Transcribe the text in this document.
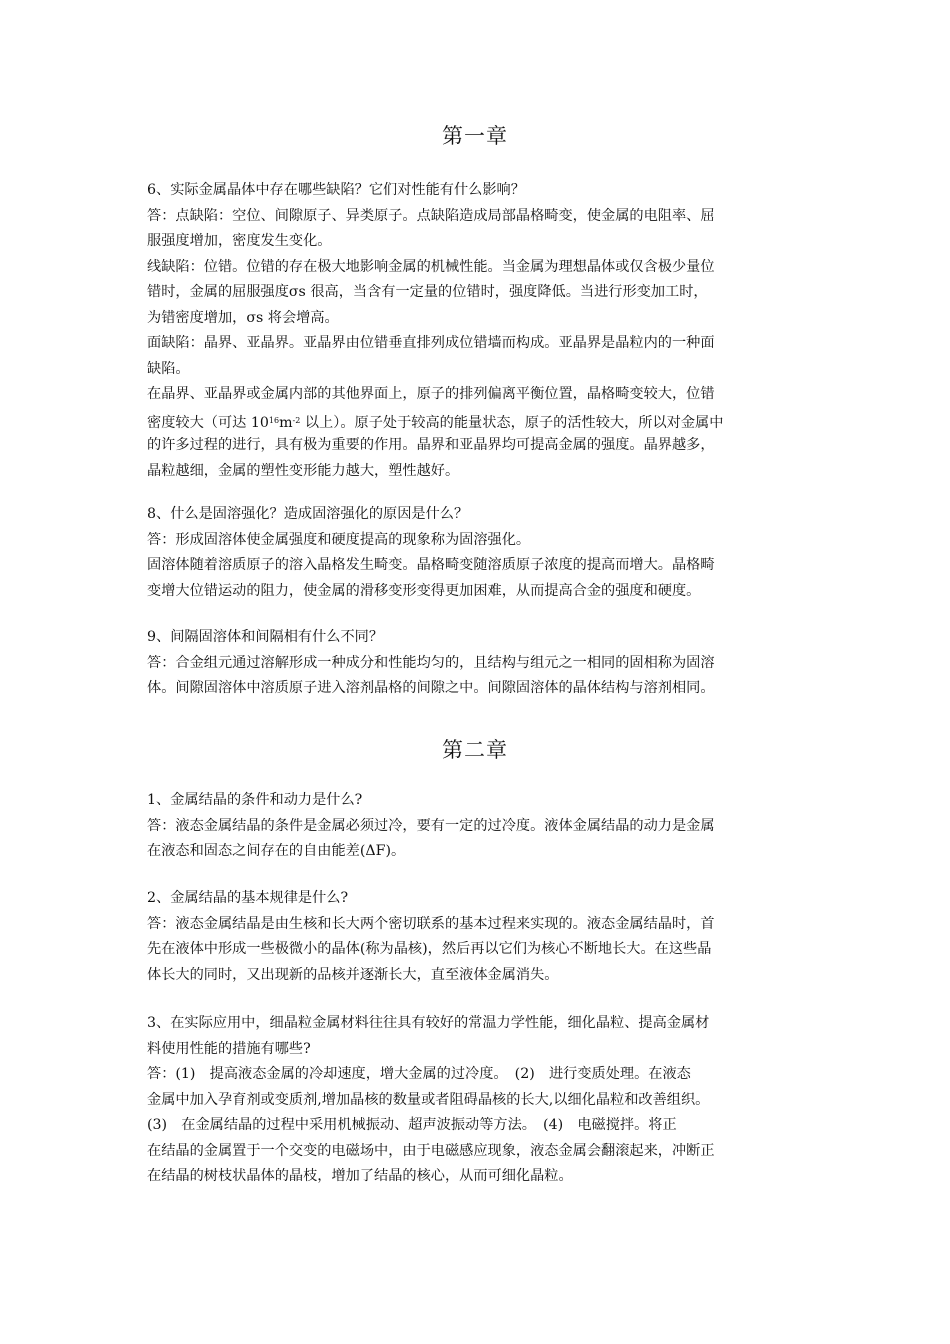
第一章
6、实际金属晶体中存在哪些缺陷？它们对性能有什么影响？
答：点缺陷：空位、间隙原子、异类原子。点缺陷造成局部晶格畸变，使金属的电阻率、屈
服强度增加，密度发生变化。
线缺陷：位错。位错的存在极大地影响金属的机械性能。当金属为理想晶体或仅含极少量位
错时，金属的屈服强度σs 很高，当含有一定量的位错时，强度降低。当进行形变加工时，
为错密度增加，σs 将会增高。
面缺陷：晶界、亚晶界。亚晶界由位错垂直排列成位错墙而构成。亚晶界是晶粒内的一种面
缺陷。
在晶界、亚晶界或金属内部的其他界面上，原子的排列偏离平衡位置，晶格畸变较大，位错
密度较大（可达 $10^{16}m^{-2}$ 以上）。原子处于较高的能量状态，原子的活性较大，所以对金属中
的许多过程的进行，具有极为重要的作用。晶界和亚晶界均可提高金属的强度。晶界越多，
晶粒越细，金属的塑性变形能力越大，塑性越好。
8、什么是固溶强化？造成固溶强化的原因是什么？
答：形成固溶体使金属强度和硬度提高的现象称为固溶强化。
固溶体随着溶质原子的溶入晶格发生畸变。晶格畸变随溶质原子浓度的提高而增大。晶格畸
变增大位错运动的阻力，使金属的滑移变形变得更加困难，从而提高合金的强度和硬度。
9、间隔固溶体和间隔相有什么不同？
答：合金组元通过溶解形成一种成分和性能均匀的，且结构与组元之一相同的固相称为固溶
体。间隙固溶体中溶质原子进入溶剂晶格的间隙之中。间隙固溶体的晶体结构与溶剂相同。
第二章
1、金属结晶的条件和动力是什么?
答：液态金属结晶的条件是金属必须过冷，要有一定的过冷度。液体金属结晶的动力是金属
在液态和固态之间存在的自由能差(ΔF)。
2、金属结晶的基本规律是什么?
答：液态金属结晶是由生核和长大两个密切联系的基本过程来实现的。液态金属结晶时，首
先在液体中形成一些极微小的晶体(称为晶核)，然后再以它们为核心不断地长大。在这些晶
体长大的同时，又出现新的品核并逐渐长大，直至液体金属消失。
3、在实际应用中，细晶粒金属材料往往具有较好的常温力学性能，细化晶粒、提高金属材
料使用性能的措施有哪些?
答：(1)　提高液态金属的冷却速度，增大金属的过冷度。　(2)　进行变质处理。在液态
金属中加入孕育剂或变质剂,增加晶核的数量或者阻碍晶核的长大,以细化晶粒和改善组织。
(3)　在金属结晶的过程中采用机械振动、超声波振动等方法。　(4)　电磁搅拌。将正
在结晶的金属置于一个交变的电磁场中，由于电磁感应现象，液态金属会翻滚起来，冲断正
在结晶的树枝状晶体的晶枝，增加了结晶的核心，从而可细化晶粒。
